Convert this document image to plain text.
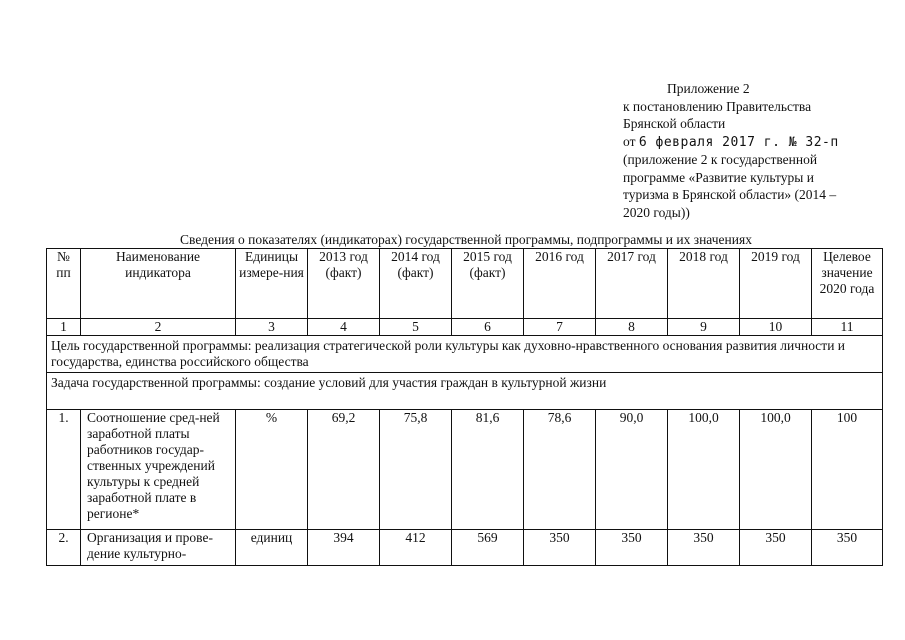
Приложение 2
к постановлению Правительства
Брянской области
от 6 февраля 2017 г. № 32-п
(приложение 2 к государственной
программе «Развитие культуры и
туризма в Брянской области» (2014 –
2020 годы))
Сведения о показателях (индикаторах) государственной программы, подпрограммы и их значениях
№ пп	Наименование индикатора	Единицы измере-ния	2013 год (факт)	2014 год (факт)	2015 год (факт)	2016 год	2017 год	2018 год	2019 год	Целевое значение 2020 года
1	2	3	4	5	6	7	8	9	10	11
Цель государственной программы: реализация стратегической роли культуры как духовно-нравственного основания развития личности и государства, единства российского общества										
Задача государственной программы: создание условий для участия граждан в культурной жизни										
1.	Соотношение сред-ней заработной платы работников государ-ственных учреждений культуры к средней заработной плате в регионе*	%	69,2	75,8	81,6	78,6	90,0	100,0	100,0	100
2.	Организация и прове-дение культурно-	единиц	394	412	569	350	350	350	350	350
